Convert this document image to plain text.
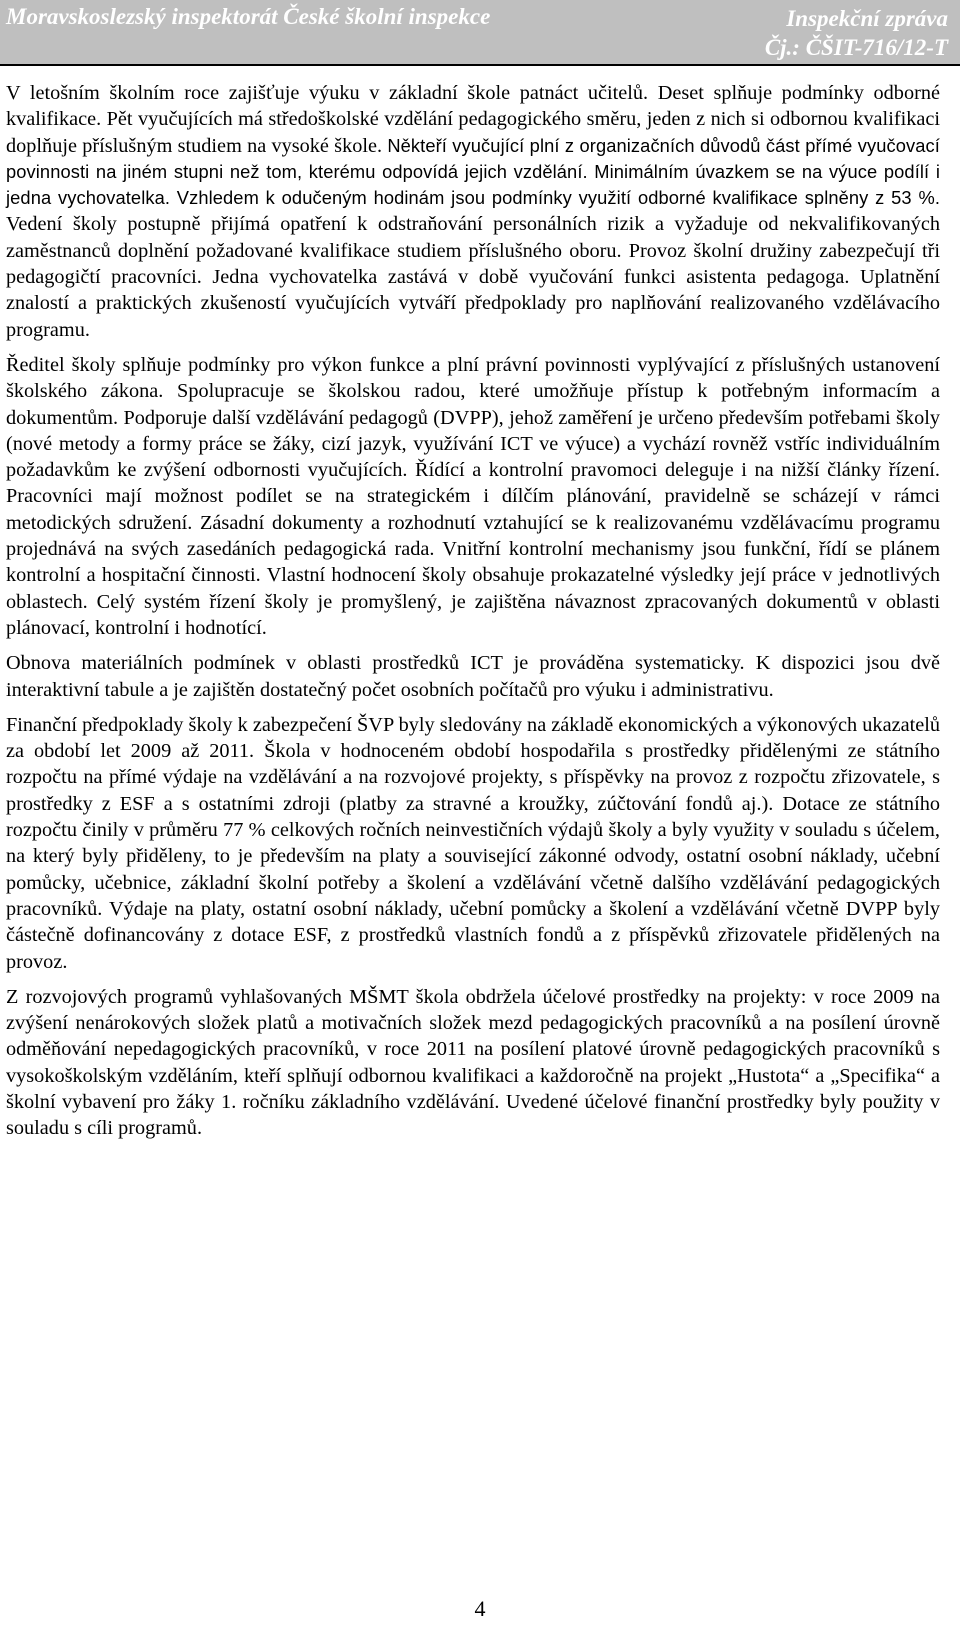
Moravskoslezský inspektorát České školní inspekce	Inspekční zpráva
Čj.: ČŠIT-716/12-T

V letošním školním roce zajišťuje výuku v základní škole patnáct učitelů. Deset splňuje podmínky odborné kvalifikace. Pět vyučujících má středoškolské vzdělání pedagogického směru, jeden z nich si odbornou kvalifikaci doplňuje příslušným studiem na vysoké škole. Někteří vyučující plní z organizačních důvodů část přímé vyučovací povinnosti na jiném stupni než tom, kterému odpovídá jejich vzdělání. Minimálním úvazkem se na výuce podílí i jedna vychovatelka. Vzhledem k odučeným hodinám jsou podmínky využití odborné kvalifikace splněny z 53 %. Vedení školy postupně přijímá opatření k odstraňování personálních rizik a vyžaduje od nekvalifikovaných zaměstnanců doplnění požadované kvalifikace studiem příslušného oboru. Provoz školní družiny zabezpečují tři pedagogičtí pracovníci. Jedna vychovatelka zastává v době vyučování funkci asistenta pedagoga. Uplatnění znalostí a praktických zkušeností vyučujících vytváří předpoklady pro naplňování realizovaného vzdělávacího programu.

Ředitel školy splňuje podmínky pro výkon funkce a plní právní povinnosti vyplývající z příslušných ustanovení školského zákona. Spolupracuje se školskou radou, které umožňuje přístup k potřebným informacím a dokumentům. Podporuje další vzdělávání pedagogů (DVPP), jehož zaměření je určeno především potřebami školy (nové metody a formy práce se žáky, cizí jazyk, využívání ICT ve výuce) a vychází rovněž vstříc individuálním požadavkům ke zvýšení odbornosti vyučujících. Řídící a kontrolní pravomoci deleguje i na nižší články řízení. Pracovníci mají možnost podílet se na strategickém i dílčím plánování, pravidelně se scházejí v rámci metodických sdružení. Zásadní dokumenty a rozhodnutí vztahující se k realizovanému vzdělávacímu programu projednává na svých zasedáních pedagogická rada. Vnitřní kontrolní mechanismy jsou funkční, řídí se plánem kontrolní a hospitační činnosti. Vlastní hodnocení školy obsahuje prokazatelné výsledky její práce v jednotlivých oblastech. Celý systém řízení školy je promyšlený, je zajištěna návaznost zpracovaných dokumentů v oblasti plánovací, kontrolní i hodnotící.

Obnova materiálních podmínek v oblasti prostředků ICT je prováděna systematicky. K dispozici jsou dvě interaktivní tabule a je zajištěn dostatečný počet osobních počítačů pro výuku i administrativu.

Finanční předpoklady školy k zabezpečení ŠVP byly sledovány na základě ekonomických a výkonových ukazatelů za období let 2009 až 2011. Škola v hodnoceném období hospodařila s prostředky přidělenými ze státního rozpočtu na přímé výdaje na vzdělávání a na rozvojové projekty, s příspěvky na provoz z rozpočtu zřizovatele, s prostředky z ESF a s ostatními zdroji (platby za stravné a kroužky, zúčtování fondů aj.). Dotace ze státního rozpočtu činily v průměru 77 % celkových ročních neinvestičních výdajů školy a byly využity v souladu s účelem, na který byly přiděleny, to je především na platy a související zákonné odvody, ostatní osobní náklady, učební pomůcky, učebnice, základní školní potřeby a školení a vzdělávání včetně dalšího vzdělávání pedagogických pracovníků. Výdaje na platy, ostatní osobní náklady, učební pomůcky a školení a vzdělávání včetně DVPP byly částečně dofinancovány z dotace ESF, z prostředků vlastních fondů a z příspěvků zřizovatele přidělených na provoz.

Z rozvojových programů vyhlašovaných MŠMT škola obdržela účelové prostředky na projekty: v roce 2009 na zvýšení nenárokových složek platů a motivačních složek mezd pedagogických pracovníků a na posílení úrovně odměňování nepedagogických pracovníků, v roce 2011 na posílení platové úrovně pedagogických pracovníků s vysokoškolským vzděláním, kteří splňují odbornou kvalifikaci a každoročně na projekt „Hustota“ a „Specifika“ a školní vybavení pro žáky 1. ročníku základního vzdělávání. Uvedené účelové finanční prostředky byly použity v souladu s cíli programů.

4
